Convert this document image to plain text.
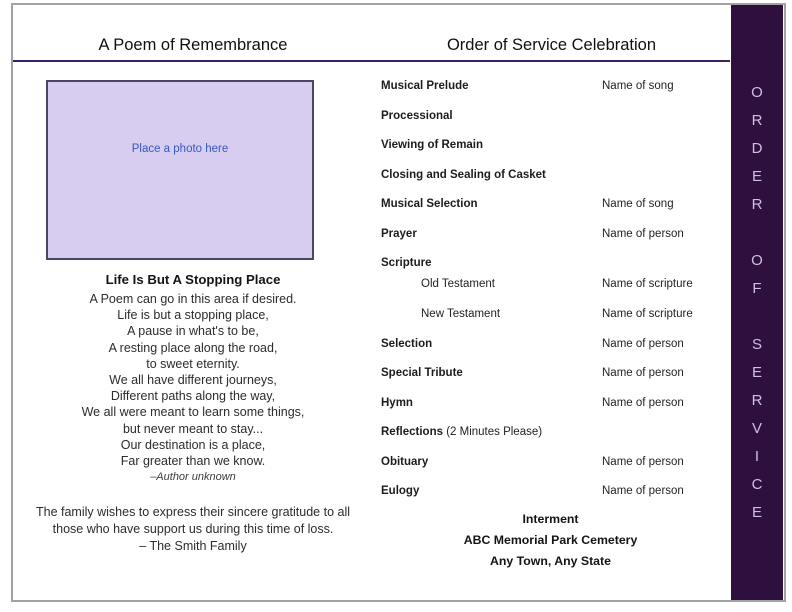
A Poem of Remembrance	Order of Service Celebration
Place a photo here
Life Is But A Stopping Place
A Poem can go in this area if desired.
Life is but a stopping place,
A pause in what's to be,
A resting place along the road,
to sweet eternity.
We all have different journeys,
Different paths along the way,
We all were meant to learn some things,
but never meant to stay...
Our destination is a place,
Far greater than we know.
–Author unknown
The family wishes to express their sincere gratitude to all
those who have support us during this time of loss.
– The Smith Family
Musical Prelude	Name of song
Processional
Viewing of Remain
Closing and Sealing of Casket
Musical Selection	Name of song
Prayer	Name of person
Scripture
Old Testament	Name of scripture
New Testament	Name of scripture
Selection	Name of person
Special Tribute	Name of person
Hymn	Name of person
Reflections (2 Minutes Please)
Obituary	Name of person
Eulogy	Name of person
Interment
ABC Memorial Park Cemetery
Any Town, Any State
O
R
D
E
R
O
F
S
E
R
V
I
C
E
